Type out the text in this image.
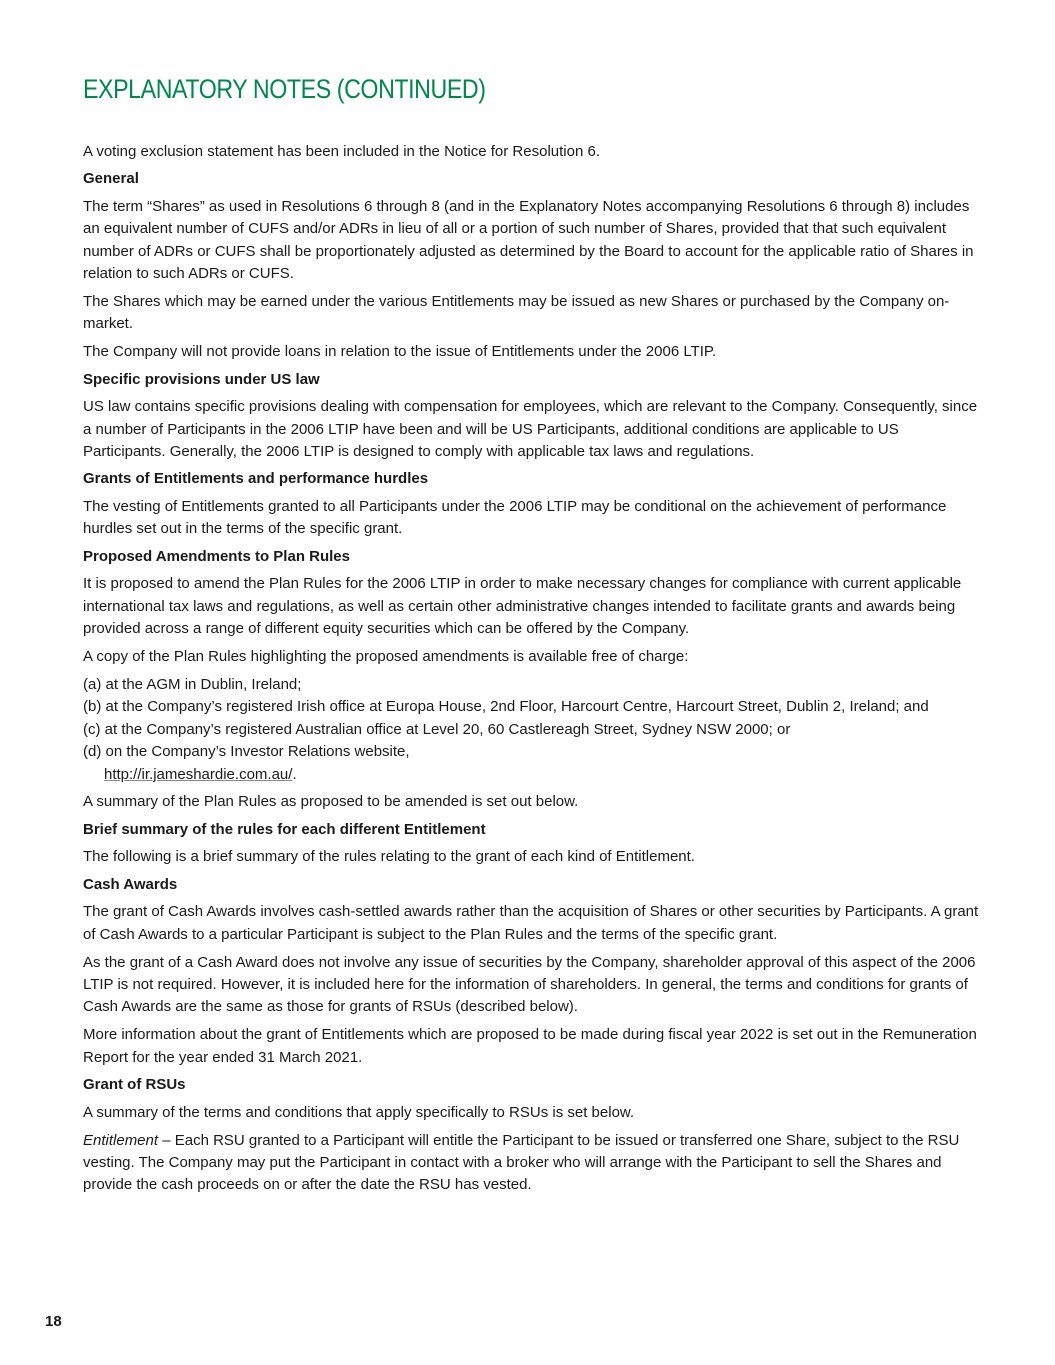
EXPLANATORY NOTES (CONTINUED)

A voting exclusion statement has been included in the Notice for Resolution 6.

General

The term “Shares” as used in Resolutions 6 through 8 (and in the Explanatory Notes accompanying Resolutions 6 through 8) includes an equivalent number of CUFS and/or ADRs in lieu of all or a portion of such number of Shares, provided that that such equivalent number of ADRs or CUFS shall be proportionately adjusted as determined by the Board to account for the applicable ratio of Shares in relation to such ADRs or CUFS.

The Shares which may be earned under the various Entitlements may be issued as new Shares or purchased by the Company on-market.

The Company will not provide loans in relation to the issue of Entitlements under the 2006 LTIP.

Specific provisions under US law

US law contains specific provisions dealing with compensation for employees, which are relevant to the Company. Consequently, since a number of Participants in the 2006 LTIP have been and will be US Participants, additional conditions are applicable to US Participants. Generally, the 2006 LTIP is designed to comply with applicable tax laws and regulations.

Grants of Entitlements and performance hurdles

The vesting of Entitlements granted to all Participants under the 2006 LTIP may be conditional on the achievement of performance hurdles set out in the terms of the specific grant.

Proposed Amendments to Plan Rules

It is proposed to amend the Plan Rules for the 2006 LTIP in order to make necessary changes for compliance with current applicable international tax laws and regulations, as well as certain other administrative changes intended to facilitate grants and awards being provided across a range of different equity securities which can be offered by the Company.

A copy of the Plan Rules highlighting the proposed amendments is available free of charge:

(a) at the AGM in Dublin, Ireland;

(b) at the Company’s registered Irish office at Europa House, 2nd Floor, Harcourt Centre, Harcourt Street, Dublin 2, Ireland; and

(c) at the Company’s registered Australian office at Level 20, 60 Castlereagh Street, Sydney NSW 2000; or

(d) on the Company’s Investor Relations website,

http://ir.jameshardie.com.au/.

A summary of the Plan Rules as proposed to be amended is set out below.

Brief summary of the rules for each different Entitlement

The following is a brief summary of the rules relating to the grant of each kind of Entitlement.

Cash Awards

The grant of Cash Awards involves cash-settled awards rather than the acquisition of Shares or other securities by Participants. A grant of Cash Awards to a particular Participant is subject to the Plan Rules and the terms of the specific grant.

As the grant of a Cash Award does not involve any issue of securities by the Company, shareholder approval of this aspect of the 2006 LTIP is not required. However, it is included here for the information of shareholders. In general, the terms and conditions for grants of Cash Awards are the same as those for grants of RSUs (described below).

More information about the grant of Entitlements which are proposed to be made during fiscal year 2022 is set out in the Remuneration Report for the year ended 31 March 2021.

Grant of RSUs

A summary of the terms and conditions that apply specifically to RSUs is set below.

Entitlement – Each RSU granted to a Participant will entitle the Participant to be issued or transferred one Share, subject to the RSU vesting. The Company may put the Participant in contact with a broker who will arrange with the Participant to sell the Shares and provide the cash proceeds on or after the date the RSU has vested.

18
